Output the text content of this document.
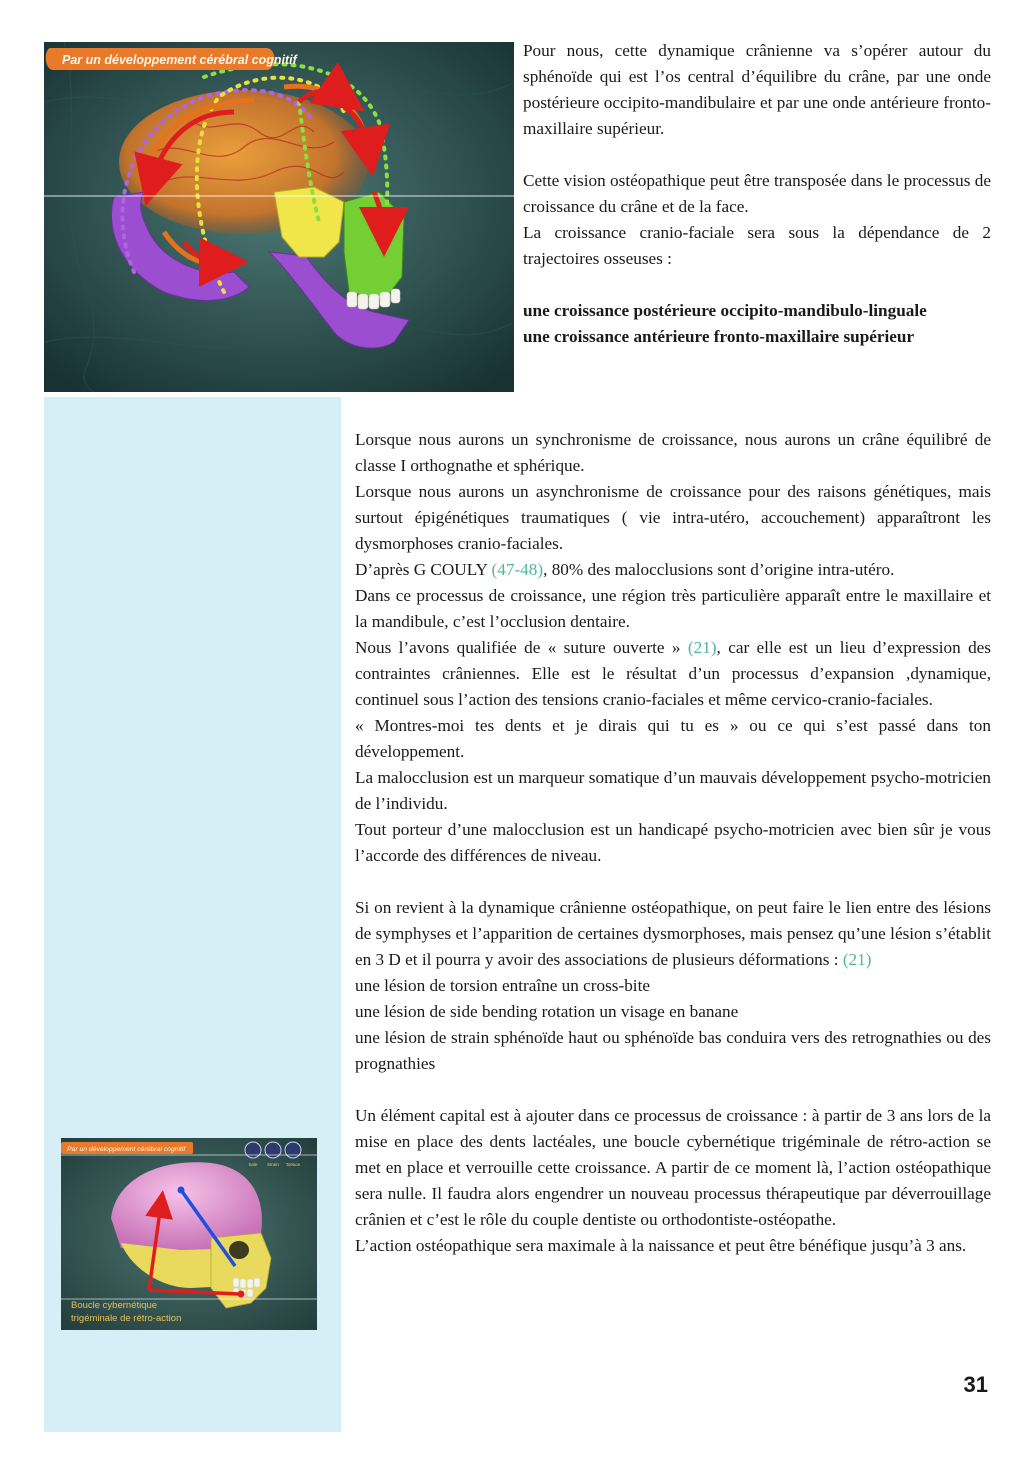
Par un développement cérébral cognitif	Pour nous, cette dynamique crânienne va s’opérer autour du sphénoïde qui est l’os central d’équilibre du crâne, par une onde postérieure occipito-mandibulaire et par une onde antérieure fronto-maxillaire supérieur.

Cette vision ostéopathique peut être transposée dans le processus de croissance du crâne et de la face.

La croissance cranio-faciale sera sous la dépendance de 2 trajectoires osseuses :

une croissance postérieure occipito-mandibulo-linguale

une croissance antérieure fronto-maxillaire supérieur

Par un développement cérébral cognitif
Sole Strain Torsion
Boucle cybernétique
trigéminale de rétro-action

Lorsque nous aurons un synchronisme de croissance, nous aurons un crâne équilibré de classe I orthognathe et sphérique.

Lorsque nous aurons un asynchronisme de croissance pour des raisons génétiques, mais surtout épigénétiques traumatiques ( vie intra-utéro, accouchement) apparaîtront les dysmorphoses cranio-faciales.

D’après G COULY (47-48), 80% des malocclusions sont d’origine intra-utéro.

Dans ce processus de croissance, une région très particulière apparaît entre le maxillaire et la mandibule, c’est l’occlusion dentaire.

Nous l’avons qualifiée de « suture ouverte » (21), car elle est un lieu d’expression des contraintes crâniennes. Elle est le résultat d’un processus d’expansion ,dynamique, continuel sous l’action des tensions cranio-faciales et même cervico-cranio-faciales.

« Montres-moi tes dents et je dirais qui tu es » ou ce qui s’est passé dans ton développement.

La malocclusion est un marqueur somatique d’un mauvais développement psycho-motricien de l’individu.

Tout porteur d’une malocclusion est un handicapé psycho-motricien avec bien sûr je vous l’accorde des différences de niveau.

Si on revient à la dynamique crânienne ostéopathique, on peut faire le lien entre des lésions de symphyses et l’apparition de certaines dysmorphoses, mais pensez qu’une lésion s’établit en 3 D et il pourra y avoir des associations de plusieurs déformations : (21)

une lésion de torsion entraîne un cross-bite

une lésion de side bending rotation un visage en banane

une lésion de strain sphénoïde haut ou sphénoïde bas conduira vers des retrognathies ou des prognathies

Un élément capital est à ajouter dans ce processus de croissance : à partir de 3 ans lors de la mise en place des dents lactéales, une boucle cybernétique trigéminale de rétro-action se met en place et verrouille cette croissance. A partir de ce moment là, l’action ostéopathique sera nulle. Il faudra alors engendrer un nouveau processus thérapeutique par déverrouillage crânien et c’est le rôle du couple dentiste ou orthodontiste-ostéopathe.

L’action ostéopathique sera maximale à la naissance et peut être bénéfique jusqu’à 3 ans.

31
